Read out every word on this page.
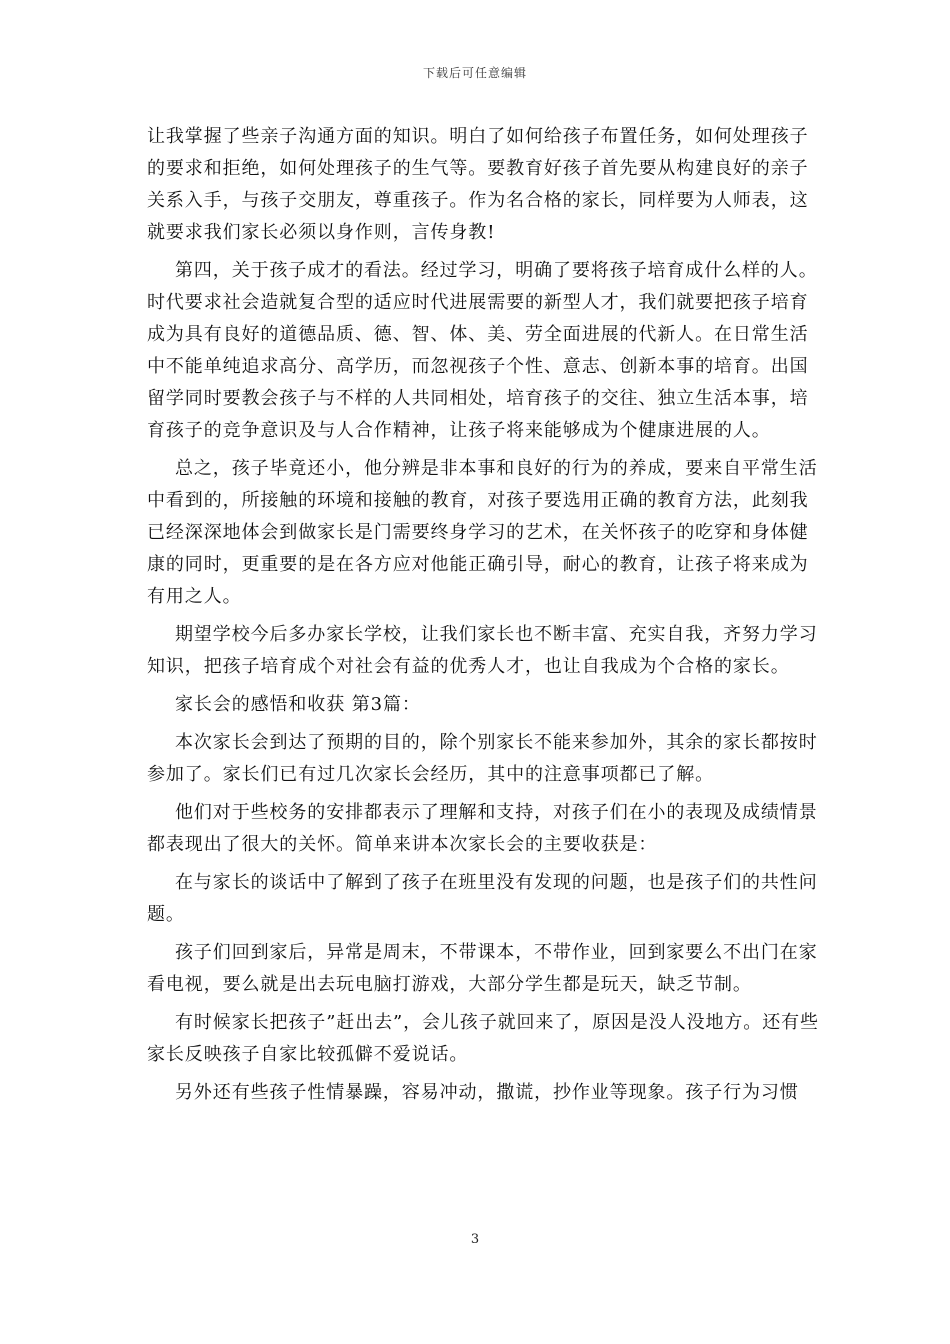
下载后可任意编辑

让我掌握了些亲子沟通方面的知识。明白了如何给孩子布置任务，如何处理孩子的要求和拒绝，如何处理孩子的生气等。要教育好孩子首先要从构建良好的亲子关系入手，与孩子交朋友，尊重孩子。作为名合格的家长，同样要为人师表，这就要求我们家长必须以身作则，言传身教!

第四，关于孩子成才的看法。经过学习，明确了要将孩子培育成什么样的人。时代要求社会造就复合型的适应时代进展需要的新型人才，我们就要把孩子培育成为具有良好的道德品质、德、智、体、美、劳全面进展的代新人。在日常生活中不能单纯追求高分、高学历，而忽视孩子个性、意志、创新本事的培育。出国留学同时要教会孩子与不样的人共同相处，培育孩子的交往、独立生活本事，培育孩子的竞争意识及与人合作精神，让孩子将来能够成为个健康进展的人。

总之，孩子毕竟还小，他分辨是非本事和良好的行为的养成，要来自平常生活中看到的，所接触的环境和接触的教育，对孩子要选用正确的教育方法，此刻我已经深深地体会到做家长是门需要终身学习的艺术，在关怀孩子的吃穿和身体健康的同时，更重要的是在各方应对他能正确引导，耐心的教育，让孩子将来成为有用之人。

期望学校今后多办家长学校，让我们家长也不断丰富、充实自我，齐努力学习知识，把孩子培育成个对社会有益的优秀人才，也让自我成为个合格的家长。

家长会的感悟和收获 第3篇：

本次家长会到达了预期的目的，除个别家长不能来参加外，其余的家长都按时参加了。家长们已有过几次家长会经历，其中的注意事项都已了解。

他们对于些校务的安排都表示了理解和支持，对孩子们在小的表现及成绩情景都表现出了很大的关怀。简单来讲本次家长会的主要收获是：

在与家长的谈话中了解到了孩子在班里没有发现的问题，也是孩子们的共性问题。

孩子们回到家后，异常是周末，不带课本，不带作业，回到家要么不出门在家看电视，要么就是出去玩电脑打游戏，大部分学生都是玩天，缺乏节制。

有时候家长把孩子”赶出去”，会儿孩子就回来了，原因是没人没地方。还有些家长反映孩子自家比较孤僻不爱说话。

另外还有些孩子性情暴躁，容易冲动，撒谎，抄作业等现象。孩子行为习惯

3
